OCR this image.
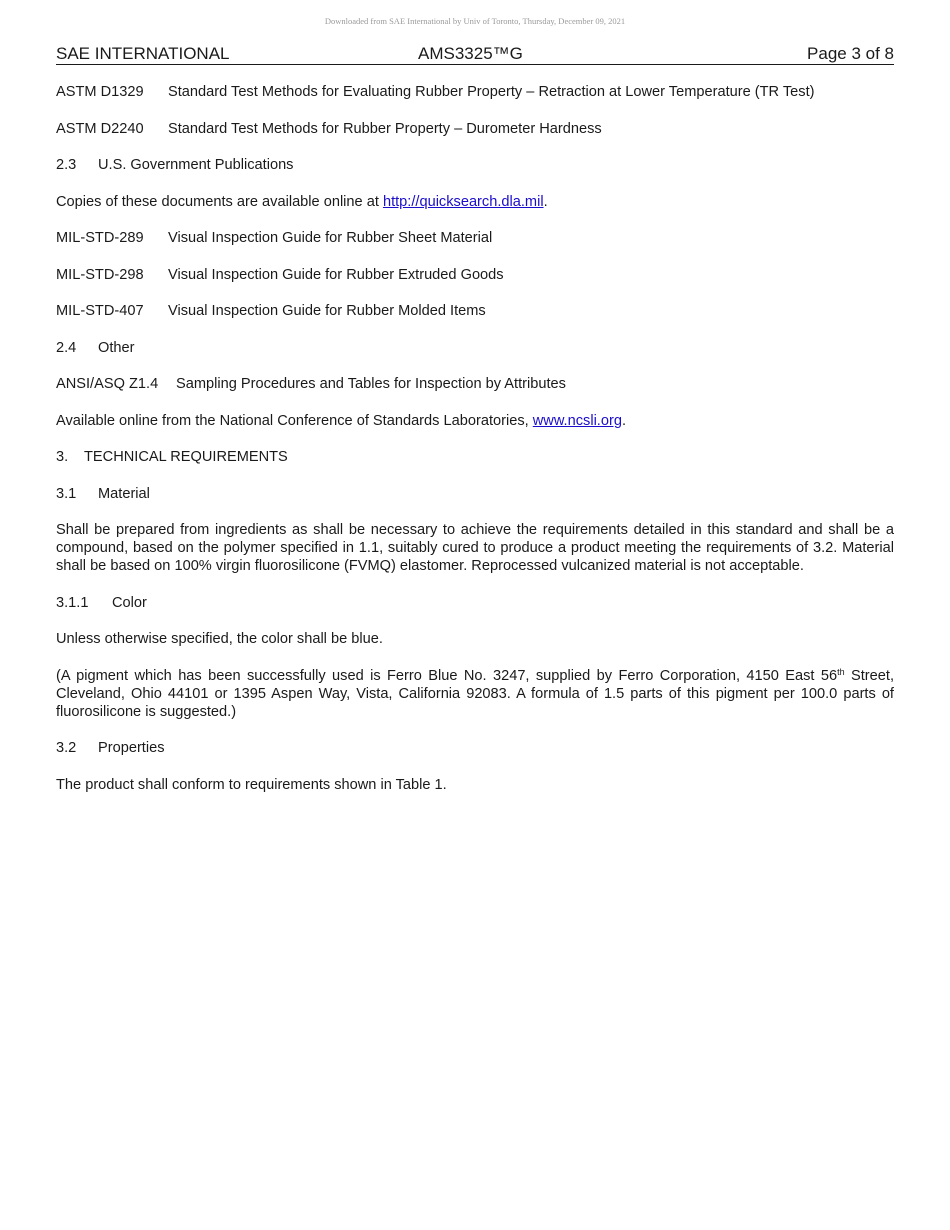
Downloaded from SAE International by Univ of Toronto, Thursday, December 09, 2021
SAE INTERNATIONAL	AMS3325™G	Page 3 of 8

ASTM D1329 Standard Test Methods for Evaluating Rubber Property – Retraction at Lower Temperature (TR Test)

ASTM D2240 Standard Test Methods for Rubber Property – Durometer Hardness

2.3 U.S. Government Publications

Copies of these documents are available online at http://quicksearch.dla.mil.

MIL-STD-289 Visual Inspection Guide for Rubber Sheet Material

MIL-STD-298 Visual Inspection Guide for Rubber Extruded Goods

MIL-STD-407 Visual Inspection Guide for Rubber Molded Items

2.4 Other

ANSI/ASQ Z1.4 Sampling Procedures and Tables for Inspection by Attributes

Available online from the National Conference of Standards Laboratories, www.ncsli.org.

3. TECHNICAL REQUIREMENTS

3.1 Material

Shall be prepared from ingredients as shall be necessary to achieve the requirements detailed in this standard and shall be a compound, based on the polymer specified in 1.1, suitably cured to produce a product meeting the requirements of 3.2. Material shall be based on 100% virgin fluorosilicone (FVMQ) elastomer. Reprocessed vulcanized material is not acceptable.

3.1.1 Color

Unless otherwise specified, the color shall be blue.

(A pigment which has been successfully used is Ferro Blue No. 3247, supplied by Ferro Corporation, 4150 East 56th Street, Cleveland, Ohio 44101 or 1395 Aspen Way, Vista, California 92083. A formula of 1.5 parts of this pigment per 100.0 parts of fluorosilicone is suggested.)

3.2 Properties

The product shall conform to requirements shown in Table 1.
